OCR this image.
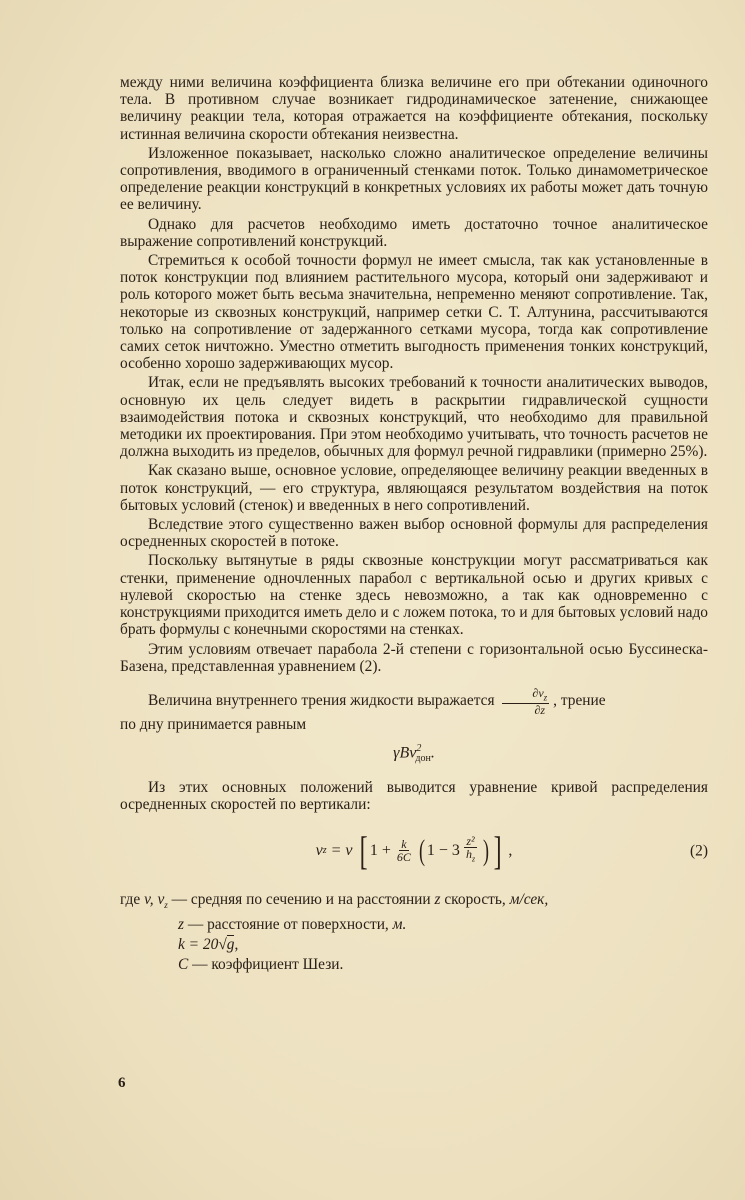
между ними величина коэффициента близка величине его при обтекании одиночного тела. В противном случае возникает гидродинамическое затенение, снижающее величину реакции тела, которая отражается на коэффициенте обтекания, поскольку истинная величина скорости обтекания неизвестна.

Изложенное показывает, насколько сложно аналитическое определение величины сопротивления, вводимого в ограниченный стенками поток. Только динамометрическое определение реакции конструкций в конкретных условиях их работы может дать точную ее величину.

Однако для расчетов необходимо иметь достаточно точное аналитическое выражение сопротивлений конструкций.

Стремиться к особой точности формул не имеет смысла, так как установленные в поток конструкции под влиянием растительного мусора, который они задерживают и роль которого может быть весьма значительна, непременно меняют сопротивление. Так, некоторые из сквозных конструкций, например сетки С. Т. Алтунина, рассчитываются только на сопротивление от задержанного сетками мусора, тогда как сопротивление самих сеток ничтожно. Уместно отметить выгодность применения тонких конструкций, особенно хорошо задерживающих мусор.

Итак, если не предъявлять высоких требований к точности аналитических выводов, основную их цель следует видеть в раскрытии гидравлической сущности взаимодействия потока и сквозных конструкций, что необходимо для правильной методики их проектирования. При этом необходимо учитывать, что точность расчетов не должна выходить из пределов, обычных для формул речной гидравлики (примерно 25%).

Как сказано выше, основное условие, определяющее величину реакции введенных в поток конструкций, — его структура, являющаяся результатом воздействия на поток бытовых условий (стенок) и введенных в него сопротивлений.

Вследствие этого существенно важен выбор основной формулы для распределения осредненных скоростей в потоке.

Поскольку вытянутые в ряды сквозные конструкции могут рассматриваться как стенки, применение одночленных парабол с вертикальной осью и других кривых с нулевой скоростью на стенке здесь невозможно, а так как одновременно с конструкциями приходится иметь дело и с ложем потока, то и для бытовых условий надо брать формулы с конечными скоростями на стенках.

Этим условиям отвечает парабола 2-й степени с горизонтальной осью Буссинеска-Базена, представленная уравнением (2).

Величина внутреннего трения жидкости выражается $\frac{\partial v_z}{\partial z}$ , трение

по дну принимается равным

γBv$^2_{дон}$.

Из этих основных положений выводится уравнение кривой распределения осредненных скоростей по вертикали:

v z = v [ $1 + \frac{k}{6C}$ ( $1 - 3 \frac{\text{z²}}{h_z}$ ) ] ,	(2)
где v, $v_z$ — средняя по сечению и на расстоянии z скорость, м/сек,
z — расстояние от поверхности, м.
k = 20√g,
C — коэффициент Шези.
6
